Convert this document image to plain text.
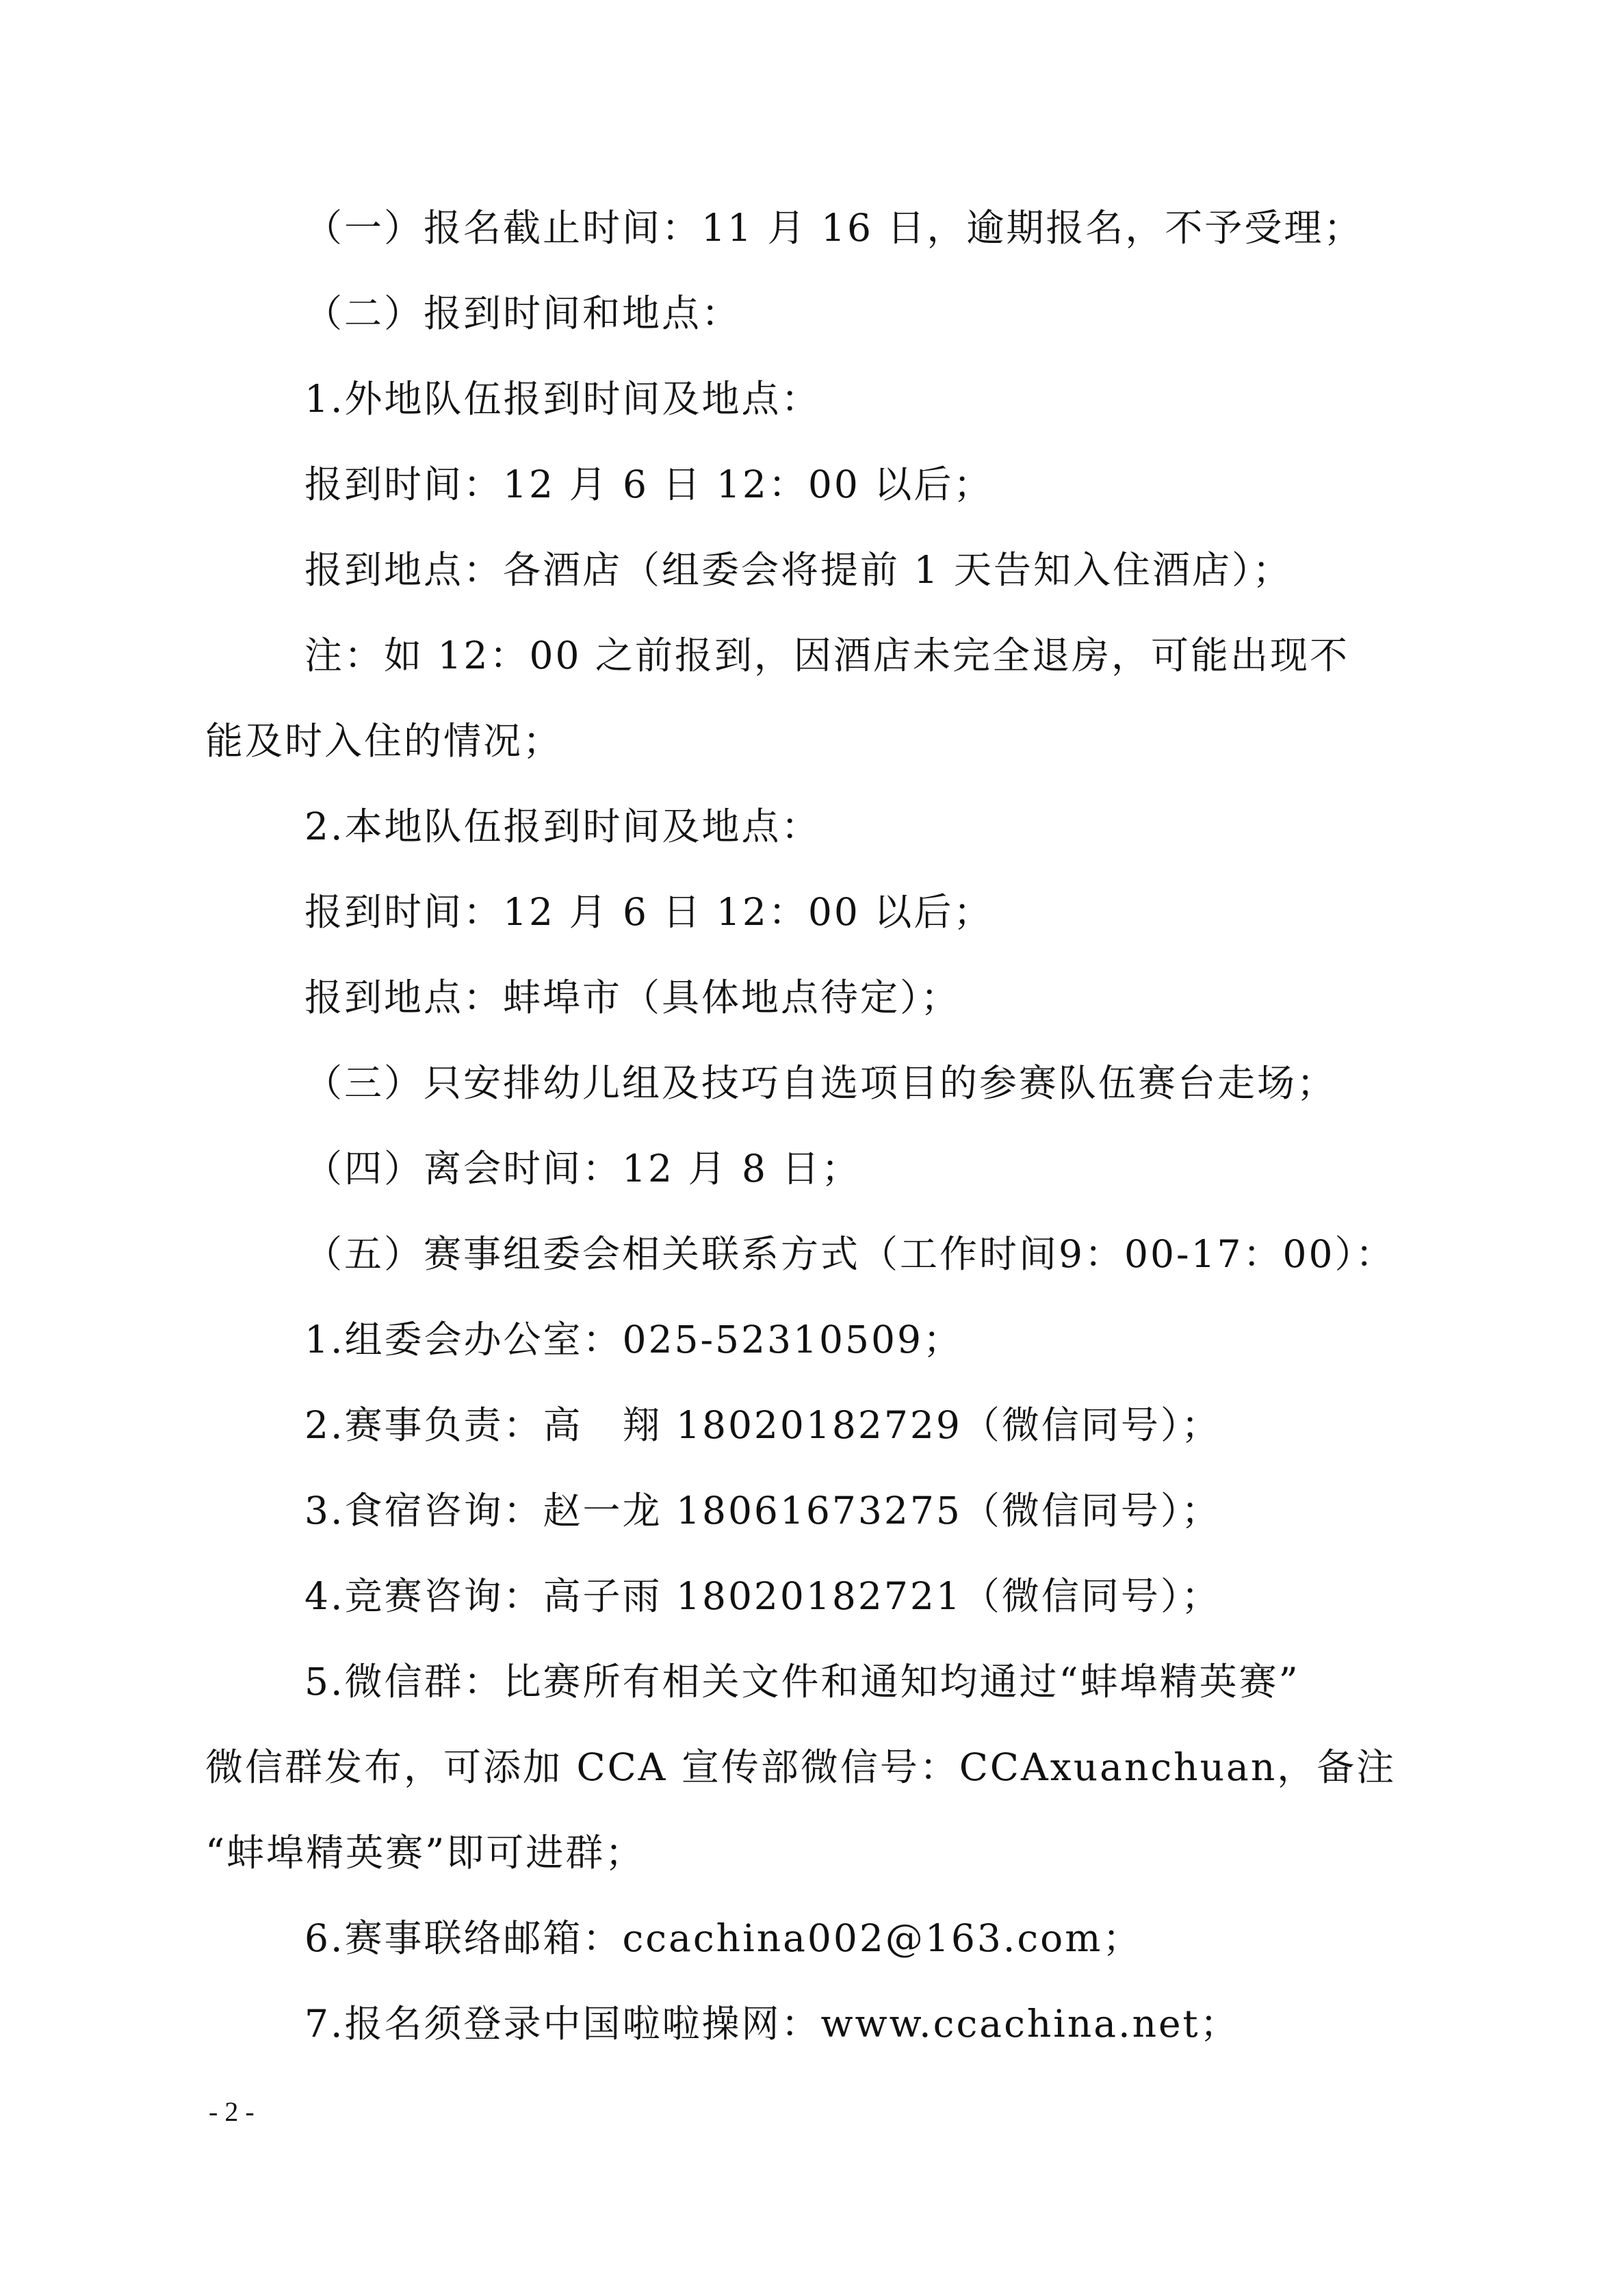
（一）报名截止时间：11 月 16 日，逾期报名，不予受理；
（二）报到时间和地点：
1.外地队伍报到时间及地点：
报到时间：12 月 6 日 12：00 以后；
报到地点：各酒店（组委会将提前 1 天告知入住酒店）；
注：如 12：00 之前报到，因酒店未完全退房，可能出现不
能及时入住的情况；
2.本地队伍报到时间及地点：
报到时间：12 月 6 日 12：00 以后；
报到地点：蚌埠市（具体地点待定）；
（三）只安排幼儿组及技巧自选项目的参赛队伍赛台走场；
（四）离会时间：12 月 8 日；
（五）赛事组委会相关联系方式（工作时间9：00-17：00）：
1.组委会办公室：025-52310509；
2.赛事负责：高　翔 18020182729（微信同号）；
3.食宿咨询：赵一龙 18061673275（微信同号）；
4.竞赛咨询：高子雨 18020182721（微信同号）；
5.微信群：比赛所有相关文件和通知均通过“蚌埠精英赛”
微信群发布，可添加 CCA 宣传部微信号：CCAxuanchuan，备注
“蚌埠精英赛”即可进群；
6.赛事联络邮箱：ccachina002@163.com；
7.报名须登录中国啦啦操网：www.ccachina.net；
- 2 -
